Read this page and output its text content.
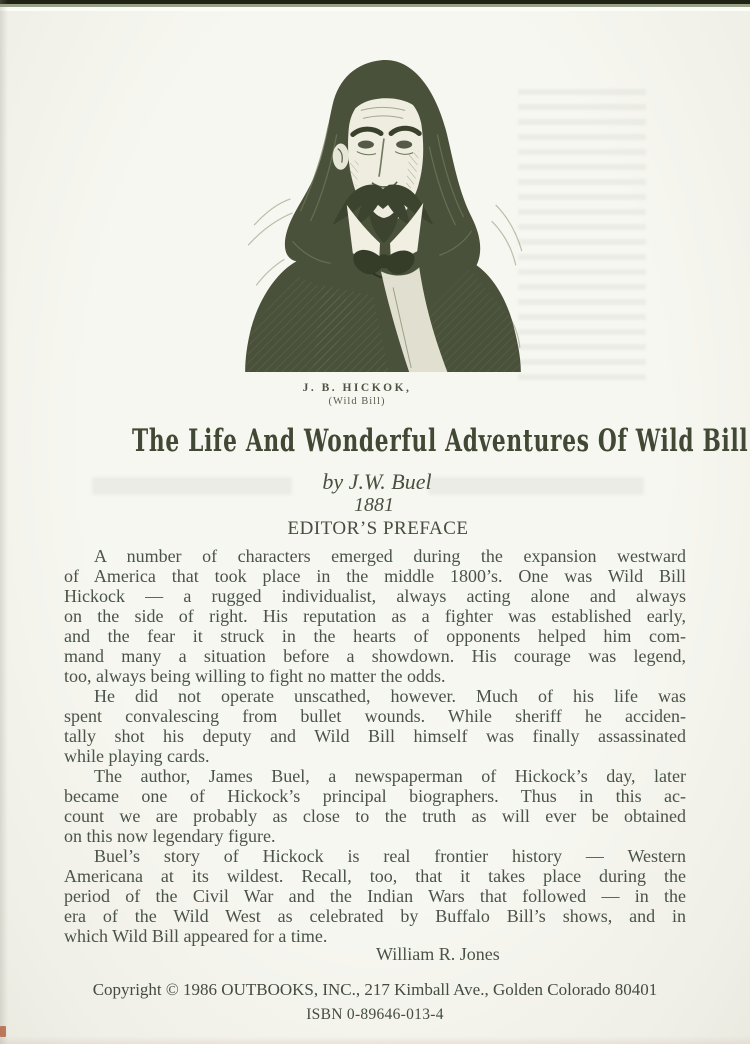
J. B. HICKOK,
(Wild Bill)
The Life And Wonderful Adventures Of Wild Bill
by J.W. Buel
1881
EDITOR’S PREFACE
A number of characters emerged during the expansion westward
of America that took place in the middle 1800’s. One was Wild Bill
Hickock — a rugged individualist, always acting alone and always
on the side of right. His reputation as a fighter was established early,
and the fear it struck in the hearts of opponents helped him com-
mand many a situation before a showdown. His courage was legend,
too, always being willing to fight no matter the odds.
He did not operate unscathed, however. Much of his life was
spent convalescing from bullet wounds. While sheriff he acciden-
tally shot his deputy and Wild Bill himself was finally assassinated
while playing cards.
The author, James Buel, a newspaperman of Hickock’s day, later
became one of Hickock’s principal biographers. Thus in this ac-
count we are probably as close to the truth as will ever be obtained
on this now legendary figure.
Buel’s story of Hickock is real frontier history — Western
Americana at its wildest. Recall, too, that it takes place during the
period of the Civil War and the Indian Wars that followed — in the
era of the Wild West as celebrated by Buffalo Bill’s shows, and in
which Wild Bill appeared for a time.
William R. Jones
Copyright © 1986 OUTBOOKS, INC., 217 Kimball Ave., Golden Colorado 80401
ISBN 0-89646-013-4
